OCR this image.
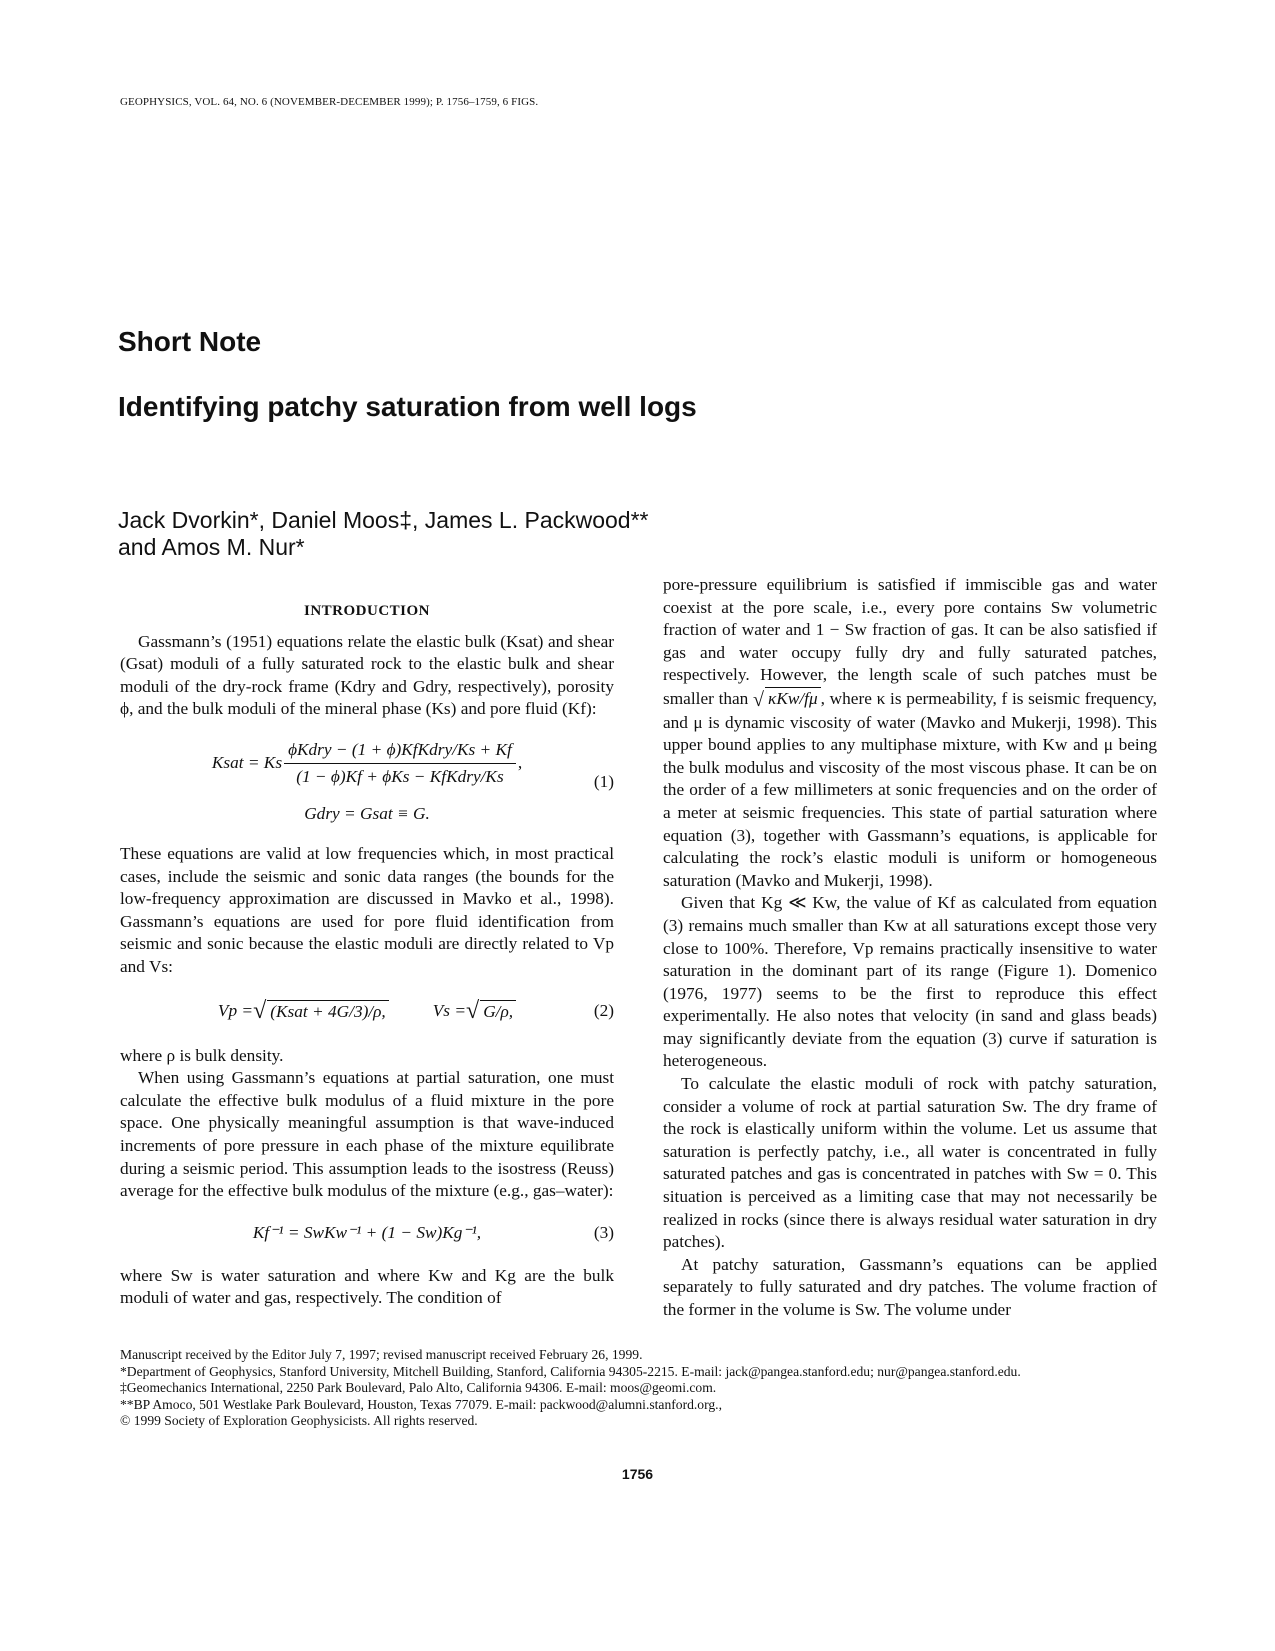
GEOPHYSICS, VOL. 64, NO. 6 (NOVEMBER-DECEMBER 1999); P. 1756–1759, 6 FIGS.
Short Note
Identifying patchy saturation from well logs
Jack Dvorkin*, Daniel Moos‡, James L. Packwood**
and Amos M. Nur*

INTRODUCTION

Gassmann’s (1951) equations relate the elastic bulk (Ksat) and shear (Gsat) moduli of a fully saturated rock to the elastic bulk and shear moduli of the dry-rock frame (Kdry and Gdry, respectively), porosity ϕ, and the bulk moduli of the mineral phase (Ks) and pore fluid (Kf):

Ksat = Ks $\frac{\text{ϕKdry − (1 + ϕ)KfKdry/Ks + Kf}}{\text{(1 − ϕ)Kf + ϕKs − KfKdry/Ks}}$ ,
Gdry = Gsat ≡ G.
(1)

These equations are valid at low frequencies which, in most practical cases, include the seismic and sonic data ranges (the bounds for the low-frequency approximation are discussed in Mavko et al., 1998). Gassmann’s equations are used for pore fluid identification from seismic and sonic because the elastic moduli are directly related to Vp and Vs:

Vp = √ (Ksat + 4G/3)/ρ,	Vs = √ G/ρ,	(2)

where ρ is bulk density.

When using Gassmann’s equations at partial saturation, one must calculate the effective bulk modulus of a fluid mixture in the pore space. One physically meaningful assumption is that wave-induced increments of pore pressure in each phase of the mixture equilibrate during a seismic period. This assumption leads to the isostress (Reuss) average for the effective bulk modulus of the mixture (e.g., gas–water):

Kf⁻¹ = SwKw⁻¹ + (1 − Sw)Kg⁻¹,	(3)

where Sw is water saturation and where Kw and Kg are the bulk moduli of water and gas, respectively. The condition of

pore-pressure equilibrium is satisfied if immiscible gas and water coexist at the pore scale, i.e., every pore contains Sw volumetric fraction of water and 1 − Sw fraction of gas. It can be also satisfied if gas and water occupy fully dry and fully saturated patches, respectively. However, the length scale of such patches must be smaller than √ κKw/fμ , where κ is permeability, f is seismic frequency, and μ is dynamic viscosity of water (Mavko and Mukerji, 1998). This upper bound applies to any multiphase mixture, with Kw and μ being the bulk modulus and viscosity of the most viscous phase. It can be on the order of a few millimeters at sonic frequencies and on the order of a meter at seismic frequencies. This state of partial saturation where equation (3), together with Gassmann’s equations, is applicable for calculating the rock’s elastic moduli is uniform or homogeneous saturation (Mavko and Mukerji, 1998).

Given that Kg ≪ Kw, the value of Kf as calculated from equation (3) remains much smaller than Kw at all saturations except those very close to 100%. Therefore, Vp remains practically insensitive to water saturation in the dominant part of its range (Figure 1). Domenico (1976, 1977) seems to be the first to reproduce this effect experimentally. He also notes that velocity (in sand and glass beads) may significantly deviate from the equation (3) curve if saturation is heterogeneous.

To calculate the elastic moduli of rock with patchy saturation, consider a volume of rock at partial saturation Sw. The dry frame of the rock is elastically uniform within the volume. Let us assume that saturation is perfectly patchy, i.e., all water is concentrated in fully saturated patches and gas is concentrated in patches with Sw = 0. This situation is perceived as a limiting case that may not necessarily be realized in rocks (since there is always residual water saturation in dry patches).

At patchy saturation, Gassmann’s equations can be applied separately to fully saturated and dry patches. The volume fraction of the former in the volume is Sw. The volume under

Manuscript received by the Editor July 7, 1997; revised manuscript received February 26, 1999.
*Department of Geophysics, Stanford University, Mitchell Building, Stanford, California 94305-2215. E-mail: jack@pangea.stanford.edu; nur@pangea.stanford.edu.
‡Geomechanics International, 2250 Park Boulevard, Palo Alto, California 94306. E-mail: moos@geomi.com.
**BP Amoco, 501 Westlake Park Boulevard, Houston, Texas 77079. E-mail: packwood@alumni.stanford.org.,
© 1999 Society of Exploration Geophysicists. All rights reserved.
1756
